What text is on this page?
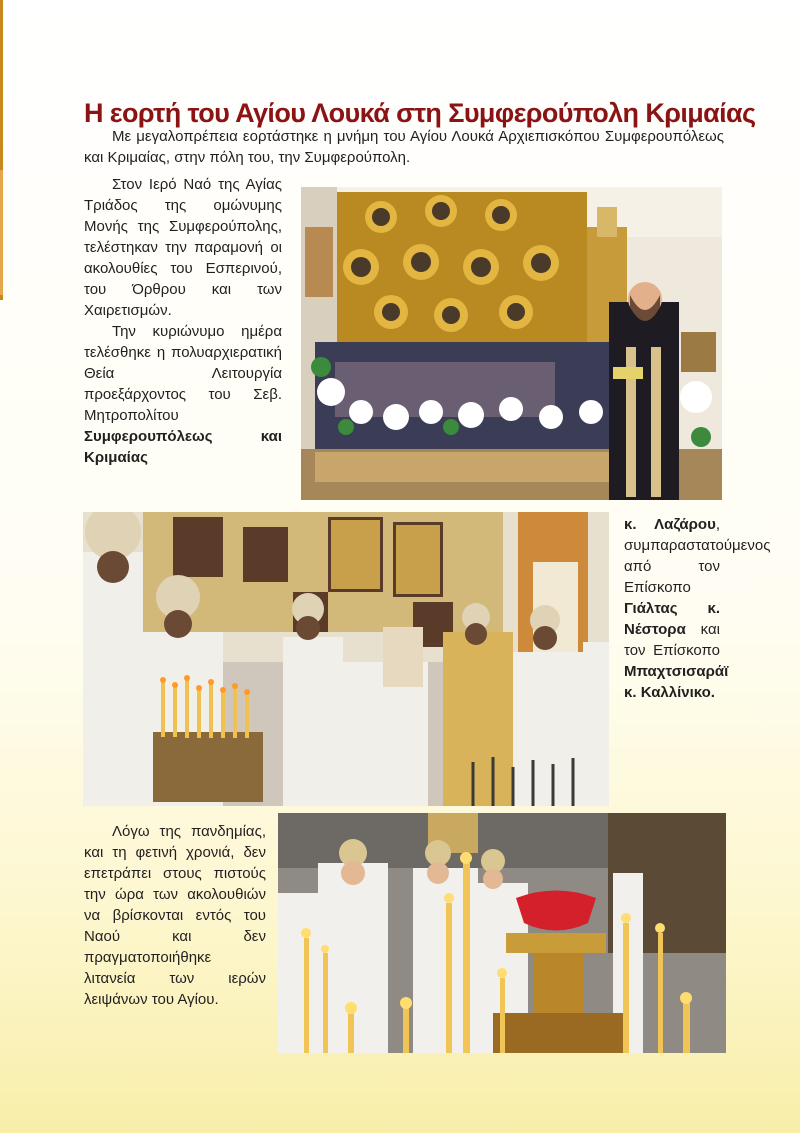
Η εορτή του Αγίου Λουκά στη Συμφερούπολη Κριμαίας

Με μεγαλοπρέπεια εορτάστηκε η μνήμη του Αγίου Λουκά Αρχιεπισκόπου Συμφερουπόλεως και Κριμαίας, στην πόλη του, την Συμφερούπολη.

Στον Ιερό Ναό της Αγίας Τριάδος της ομώνυμης Μονής της Συμφερούπολης, τελέστηκαν την παραμονή οι ακολουθίες του Εσπερινού, του Όρθρου και των Χαιρετισμών.

Την κυριώνυμο ημέρα τελέσθηκε η πολυαρχιερατική Θεία Λειτουργία προεξάρχοντος του Σεβ. Μητροπολίτου Συμφερουπόλεως και Κριμαίας

κ. Λαζάρου, συμπαραστατούμενος από τον Επίσκοπο Γιάλτας κ. Νέστορα και τον Επίσκοπο Μπαχτσισαράϊ κ. Καλλίνικο.

Λόγω της πανδημίας, και τη φετινή χρονιά, δεν επετράπει στους πιστούς την ώρα των ακολουθιών να βρίσκονται εντός του Ναού και δεν πραγματοποιήθηκε λιτανεία των ιερών λειψάνων του Αγίου.
